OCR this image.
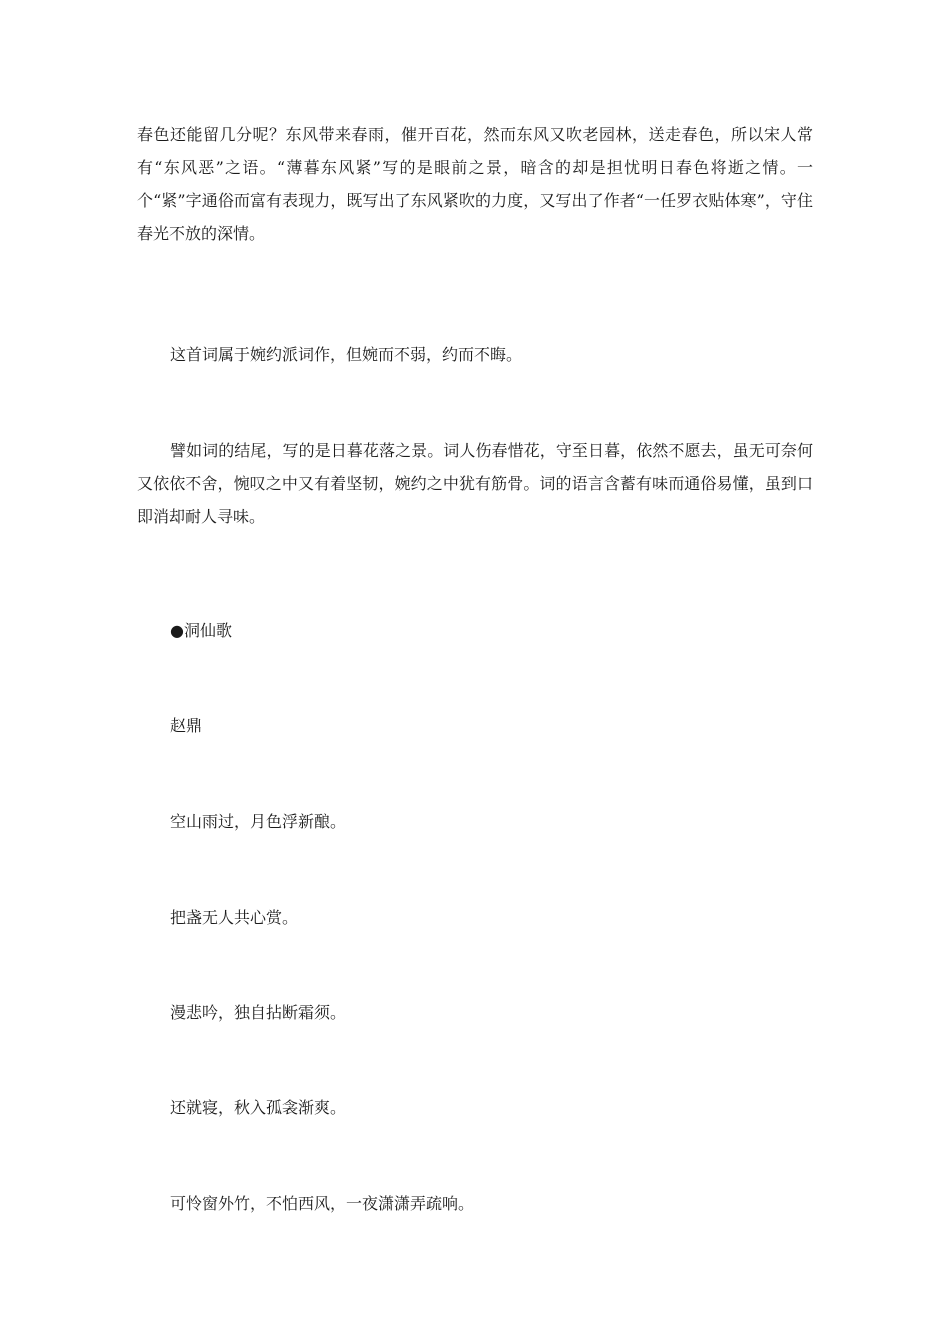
春色还能留几分呢？东风带来春雨，催开百花，然而东风又吹老园林，送走春色，所以宋人常有“东风恶”之语。“薄暮东风紧”写的是眼前之景，暗含的却是担忧明日春色将逝之情。一个“紧”字通俗而富有表现力，既写出了东风紧吹的力度，又写出了作者“一任罗衣贴体寒”，守住春光不放的深情。

这首词属于婉约派词作，但婉而不弱，约而不晦。

譬如词的结尾，写的是日暮花落之景。词人伤春惜花，守至日暮，依然不愿去，虽无可奈何又依依不舍，惋叹之中又有着坚韧，婉约之中犹有筋骨。词的语言含蓄有味而通俗易懂，虽到口即消却耐人寻味。

●洞仙歌

赵鼎

空山雨过，月色浮新酿。

把盏无人共心赏。

漫悲吟，独自拈断霜须。

还就寝，秋入孤衾渐爽。

可怜窗外竹，不怕西风，一夜潇潇弄疏响。
